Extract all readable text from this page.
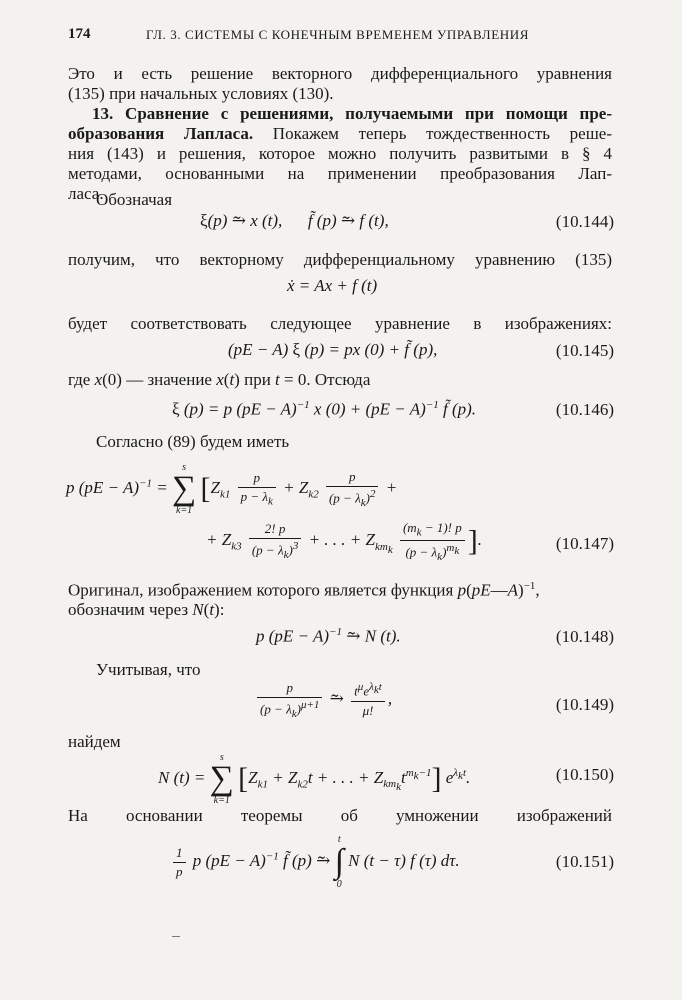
174	ГЛ. 3. СИСТЕМЫ С КОНЕЧНЫМ ВРЕМЕНЕМ УПРАВЛЕНИЯ
Это и есть решение векторного дифференциального уравнения
(135) при начальных условиях (130).
13. Сравнение с решениями, получаемыми при помощи пре-
образования Лапласа. Покажем теперь тождественность реше-
ния (143) и решения, которое можно получить развитыми в § 4
методами, основанными на применении преобразования Лап-
ласа.
Обозначая
ξ(p) ⥲ x (t),      f̃ (p) ⥲ f (t),	(10.144)
получим, что векторному дифференциальному уравнению (135)
ẋ = Ax + f (t)
будет соответствовать следующее уравнение в изображениях:
(pE − A) ξ (p) = px (0) + f̃ (p),	(10.145)
где x(0) — значение x(t) при t = 0. Отсюда
ξ (p) = p (pE − A)$^{-1}$ x (0) + (pE − A)$^{-1}$ f̃ (p).	(10.146)
Согласно (89) будем иметь
p (pE − A)$^{-1}$ =
s
∑
k=1
[$Z_{k1} \frac{p}{p - \lambda_k} + Z_{k2} \frac{p}{(p - \lambda_k)^2}$ +
+ $Z_{k3} \frac{2! p}{(p - \lambda_k)^3}$ + . . . + $Z_{km_k} \frac{(m_k - 1)! p}{(p - \lambda_k)^{m_k}}$ ].	(10.147)
Оригинал, изображением которого является функция p(pE—A)$^{-1}$,
обозначим через N(t):
p (pE − A)$^{-1}$ ⥲ N (t).	(10.148)
Учитывая, что
$\frac{p}{(p - \lambda_k)^{\mu+1}}$ ⥲ $\frac{t^\mu e^{\lambda_kt}}{\mu!}$ ,	(10.149)
найдем
N (t) =
s
∑
k=1
[$Z_{k1} + Z_{k2}t$ + . . . + $Z_{km_k}t^{m_k-1}$] $e^{\lambda_kt}$.	(10.150)
На основании теоремы об умножении изображений
$\frac{1}{p}$ p (pE − A)$^{-1}$ f̃ (p) ⥲
t
∫
0
N (t − τ) f (τ) dτ.	(10.151)
